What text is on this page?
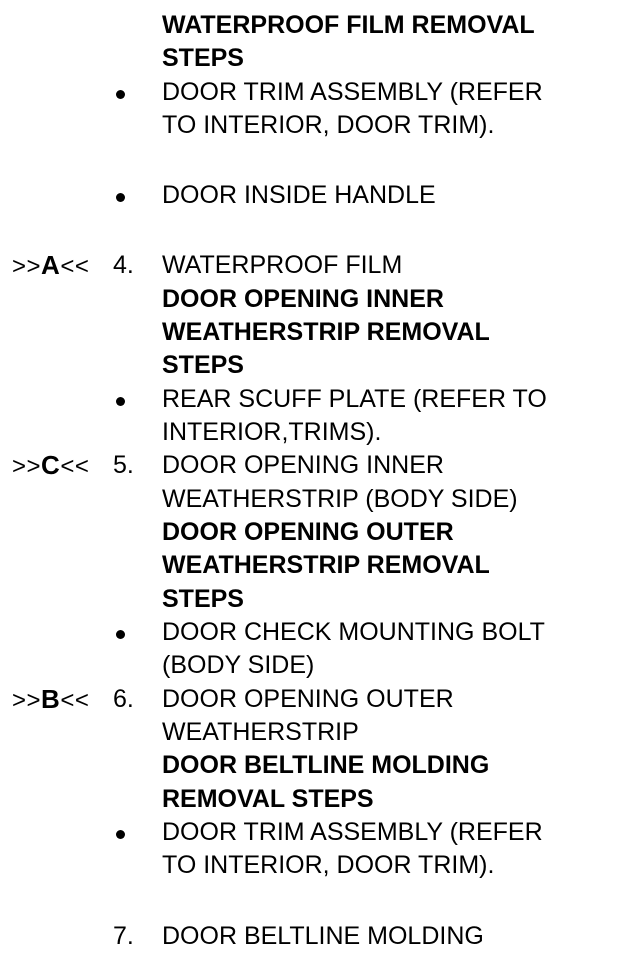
WATERPROOF FILM REMOVAL
STEPS
DOOR TRIM ASSEMBLY (REFER
TO INTERIOR, DOOR TRIM).
DOOR INSIDE HANDLE
>>A<< 4. WATERPROOF FILM
DOOR OPENING INNER
WEATHERSTRIP REMOVAL
STEPS
REAR SCUFF PLATE (REFER TO
INTERIOR,TRIMS).
>>C<< 5. DOOR OPENING INNER
WEATHERSTRIP (BODY SIDE)
DOOR OPENING OUTER
WEATHERSTRIP REMOVAL
STEPS
DOOR CHECK MOUNTING BOLT
(BODY SIDE)
>>B<< 6. DOOR OPENING OUTER
WEATHERSTRIP
DOOR BELTLINE MOLDING
REMOVAL STEPS
DOOR TRIM ASSEMBLY (REFER
TO INTERIOR, DOOR TRIM).
7. DOOR BELTLINE MOLDING
